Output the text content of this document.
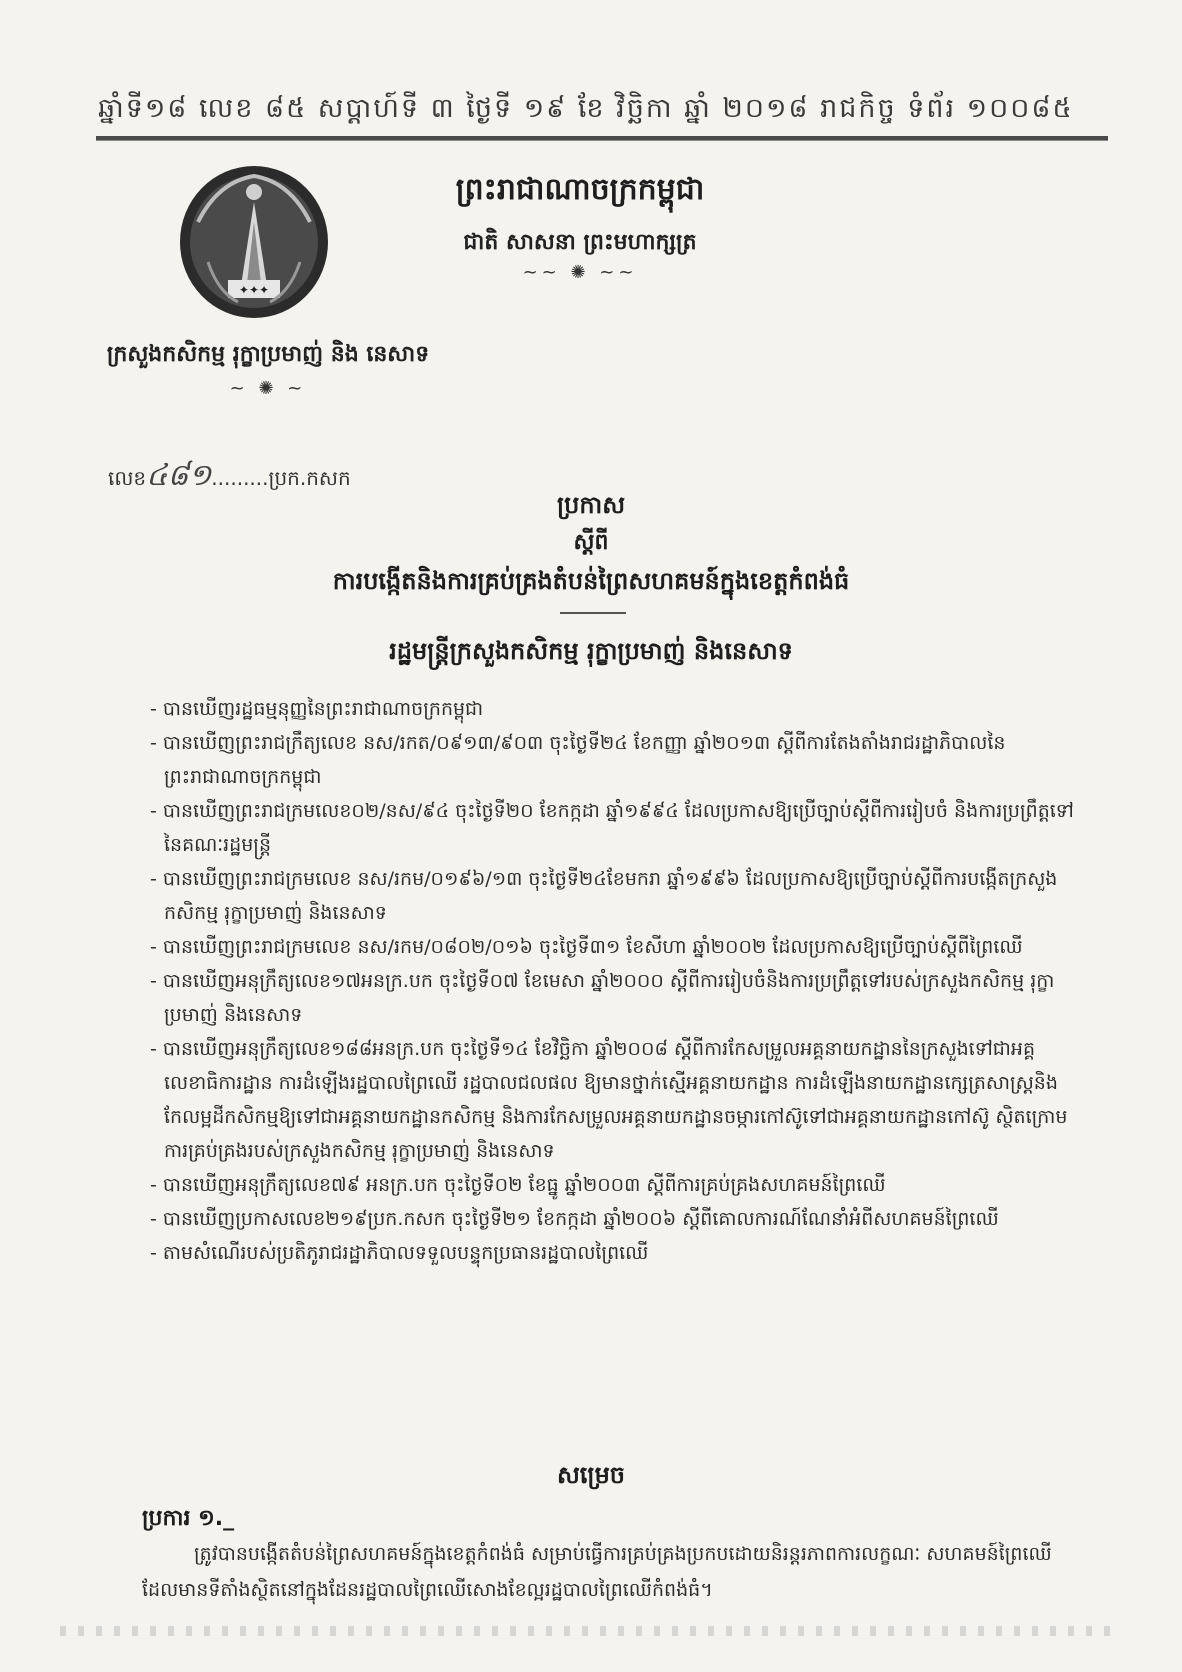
ឆ្នាំទី១៨ លេខ ៨៥ សប្តាហ៍ទី ៣ ថ្ងៃទី ១៩ ខែ វិច្ឆិកា ឆ្នាំ ២០១៨ រាជកិច្ច ទំព័រ ១០០៨៥
✦✦✦
ព្រះរាជាណាចក្រកម្ពុជា
ជាតិ សាសនា ព្រះមហាក្សត្រ
~~ ✺ ~~
ក្រសួងកសិកម្ម រុក្ខាប្រមាញ់ និង នេសាទ
~ ✺ ~
លេខ៤៨១.........ប្រក.កសក
ប្រកាស
ស្តីពី
ការបង្កើតនិងការគ្រប់គ្រងតំបន់ព្រៃសហគមន៍ក្នុងខេត្តកំពង់ធំ
រដ្ឋមន្ត្រីក្រសួងកសិកម្ម រុក្ខាប្រមាញ់ និងនេសាទ
- បានឃើញរដ្ឋធម្មនុញ្ញនៃព្រះរាជាណាចក្រកម្ពុជា
- បានឃើញព្រះរាជក្រឹត្យលេខ នស/រកត/០៩១៣/៩០៣ ចុះថ្ងៃទី២៤ ខែកញ្ញា ឆ្នាំ២០១៣ ស្តីពីការតែងតាំងរាជរដ្ឋាភិបាលនៃព្រះរាជាណាចក្រកម្ពុជា
- បានឃើញព្រះរាជក្រមលេខ០២/នស/៩៤ ចុះថ្ងៃទី២០ ខែកក្កដា ឆ្នាំ១៩៩៤ ដែលប្រកាសឱ្យប្រើច្បាប់ស្តីពីការរៀបចំ និងការប្រព្រឹត្តទៅនៃគណៈរដ្ឋមន្ត្រី
- បានឃើញព្រះរាជក្រមលេខ នស/រកម/០១៩៦/១៣ ចុះថ្ងៃទី២៤ខែមករា ឆ្នាំ១៩៩៦ ដែលប្រកាសឱ្យប្រើច្បាប់ស្តីពីការបង្កើតក្រសួងកសិកម្ម រុក្ខាប្រមាញ់ និងនេសាទ
- បានឃើញព្រះរាជក្រមលេខ នស/រកម/០៨០២/០១៦ ចុះថ្ងៃទី៣១ ខែសីហា ឆ្នាំ២០០២ ដែលប្រកាសឱ្យប្រើច្បាប់ស្តីពីព្រៃឈើ
- បានឃើញអនុក្រឹត្យលេខ១៧អនក្រ.បក ចុះថ្ងៃទី០៧ ខែមេសា ឆ្នាំ២០០០ ស្តីពីការរៀបចំនិងការប្រព្រឹត្តទៅរបស់ក្រសួងកសិកម្ម រុក្ខាប្រមាញ់ និងនេសាទ
- បានឃើញអនុក្រឹត្យលេខ១៨៨អនក្រ.បក ចុះថ្ងៃទី១៤ ខែវិច្ឆិកា ឆ្នាំ២០០៨ ស្តីពីការកែសម្រួលអគ្គនាយកដ្ឋាននៃក្រសួងទៅជាអគ្គលេខាធិការដ្ឋាន ការដំឡើងរដ្ឋបាលព្រៃឈើ រដ្ឋបាលជលផល ឱ្យមានថ្នាក់ស្មើអគ្គនាយកដ្ឋាន ការដំឡើងនាយកដ្ឋានក្សេត្រសាស្ត្រនិងកែលម្អដីកសិកម្មឱ្យទៅជាអគ្គនាយកដ្ឋានកសិកម្ម និងការកែសម្រួលអគ្គនាយកដ្ឋានចម្ការកៅស៊ូទៅជាអគ្គនាយកដ្ឋានកៅស៊ូ ស្ថិតក្រោមការគ្រប់គ្រងរបស់ក្រសួងកសិកម្ម រុក្ខាប្រមាញ់ និងនេសាទ
- បានឃើញអនុក្រឹត្យលេខ៧៩ អនក្រ.បក ចុះថ្ងៃទី០២ ខែធ្នូ ឆ្នាំ២០០៣ ស្តីពីការគ្រប់គ្រងសហគមន៍ព្រៃឈើ
- បានឃើញប្រកាសលេខ២១៩ប្រក.កសក ចុះថ្ងៃទី២១ ខែកក្កដា ឆ្នាំ២០០៦ ស្តីពីគោលការណ៍ណែនាំអំពីសហគមន៍ព្រៃឈើ
- តាមសំណើរបស់ប្រតិភូរាជរដ្ឋាភិបាលទទួលបន្ទុកប្រធានរដ្ឋបាលព្រៃឈើ
សម្រេច
ប្រការ ១._
ត្រូវបានបង្កើតតំបន់ព្រៃសហគមន៍ក្នុងខេត្តកំពង់ធំ សម្រាប់ធ្វើការគ្រប់គ្រងប្រកបដោយនិរន្តរភាពការលក្ខណៈ សហគមន៍ព្រៃឈើ ដែលមានទីតាំងស្ថិតនៅក្នុងដែនរដ្ឋបាលព្រៃឈើសោងខែល្អរដ្ឋបាលព្រៃឈើកំពង់ធំ។
